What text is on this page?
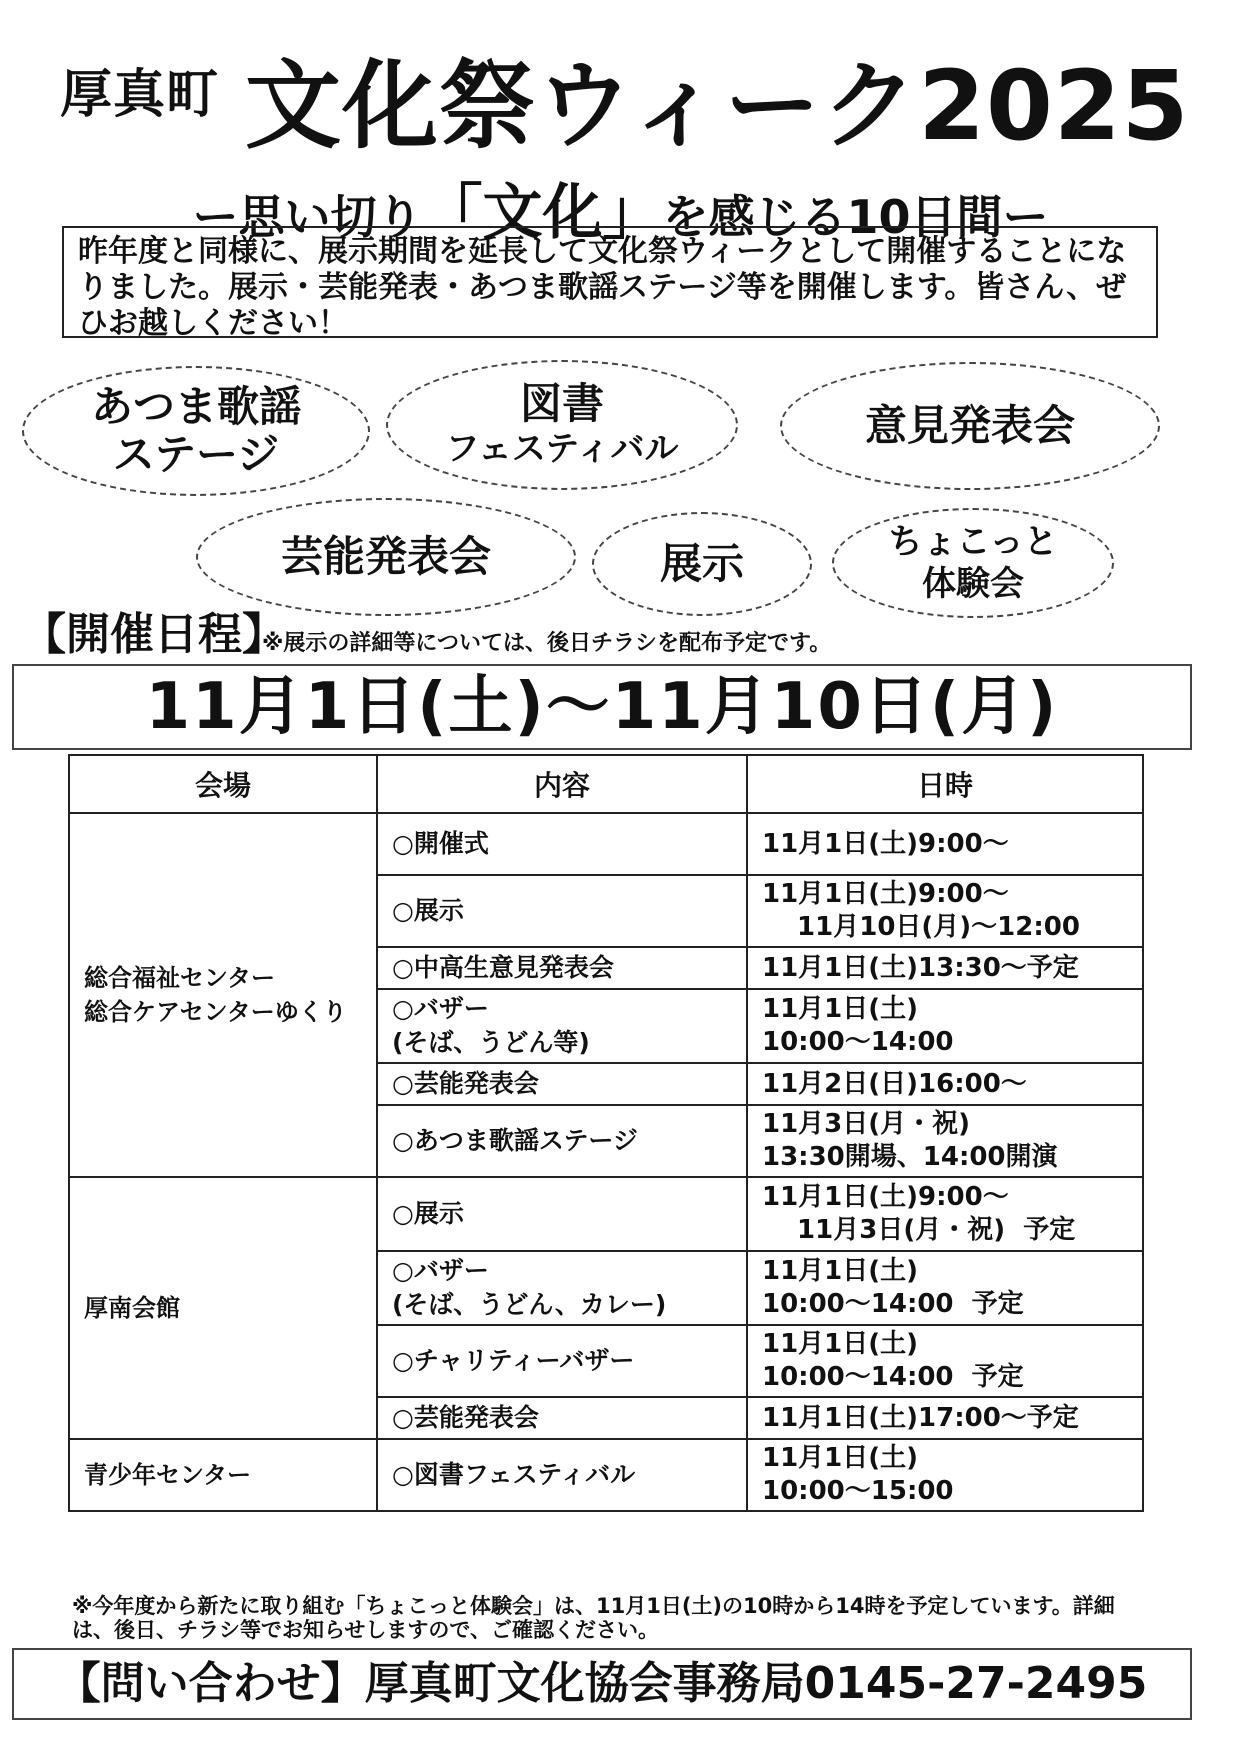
厚真町 文化祭ウィーク2025
ー思い切り「文化」を感じる10日間ー
昨年度と同様に、展示期間を延長して文化祭ウィークとして開催することになりました。展示・芸能発表・あつま歌謡ステージ等を開催します。皆さん、ぜひお越しください！
あつま歌謡
ステージ
図書
フェスティバル	意見発表会
芸能発表会	展示	ちょこっと
体験会
【開催日程】
※展示の詳細等については、後日チラシを配布予定です。
11月1日(土)～11月10日(月)
会場	内容	日時
総合福祉センター
総合ケアセンターゆくり	○開催式	11月1日(土)9:00～
	○展示	11月1日(土)9:00～
　 11月10日(月)～12:00
	○中高生意見発表会	11月1日(土)13:30～予定
	○バザー
(そば、うどん等)	11月1日(土)
10:00～14:00
	○芸能発表会	11月2日(日)16:00～
	○あつま歌謡ステージ	11月3日(月・祝)
13:30開場、14:00開演
厚南会館	○展示	11月1日(土)9:00～
　 11月3日(月・祝)  予定
	○バザー
(そば、うどん、カレー)	11月1日(土)
10:00～14:00  予定
	○チャリティーバザー	11月1日(土)
10:00～14:00  予定
	○芸能発表会	11月1日(土)17:00～予定
青少年センター	○図書フェスティバル	11月1日(土)
10:00～15:00
※今年度から新たに取り組む「ちょこっと体験会」は、11月1日(土)の10時から14時を予定しています。詳細は、後日、チラシ等でお知らせしますので、ご確認ください。
【問い合わせ】厚真町文化協会事務局0145-27-2495
